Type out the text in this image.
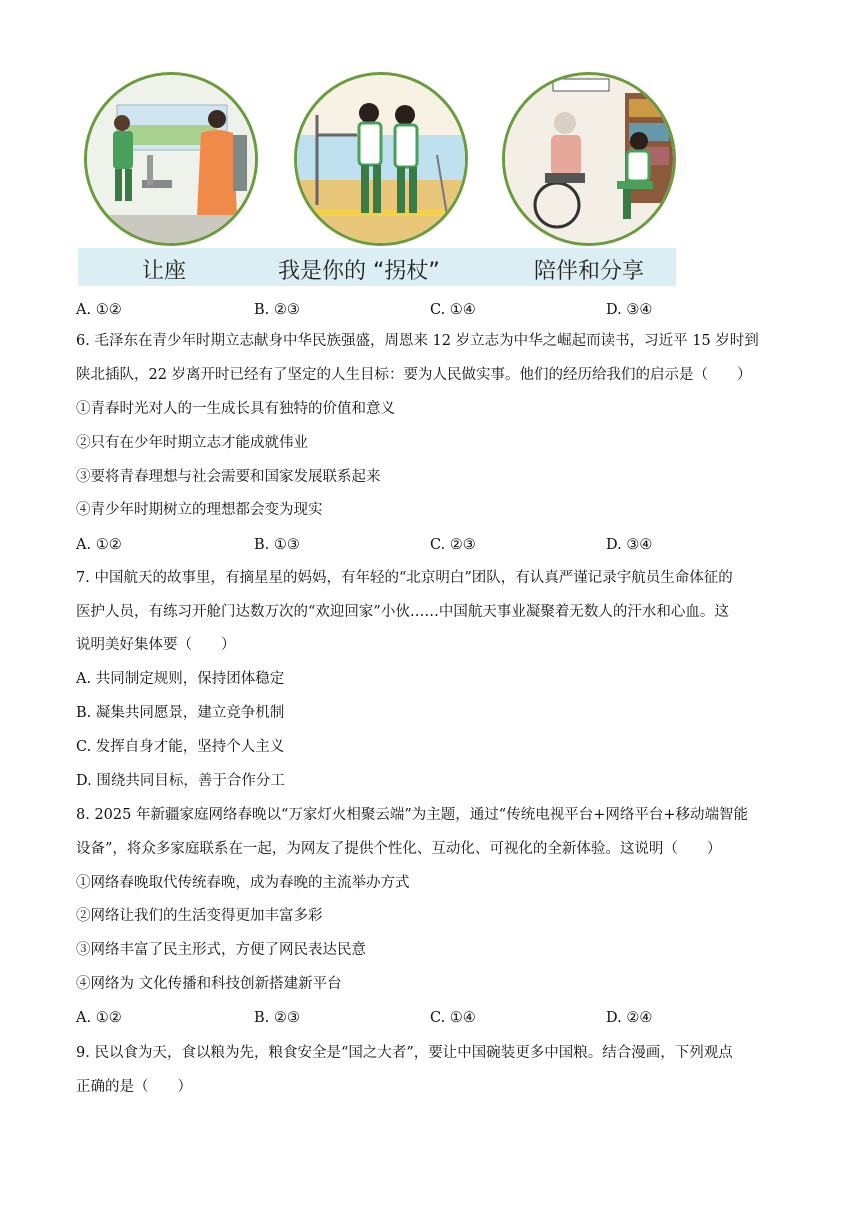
让座	我是你的 “拐杖”	陪伴和分享
A. ①②	B. ②③	C. ①④	D. ③④
6. 毛泽东在青少年时期立志献身中华民族强盛，周恩来 12 岁立志为中华之崛起而读书，习近平 15 岁时到
陕北插队，22 岁离开时已经有了坚定的人生目标：要为人民做实事。他们的经历给我们的启示是（　　）
①青春时光对人的一生成长具有独特的价值和意义
②只有在少年时期立志才能成就伟业
③要将青春理想与社会需要和国家发展联系起来
④青少年时期树立的理想都会变为现实
A. ①②	B. ①③	C. ②③	D. ③④
7. 中国航天的故事里，有摘星星的妈妈，有年轻的“北京明白”团队，有认真严谨记录宇航员生命体征的
医护人员，有练习开舱门达数万次的“欢迎回家”小伙……中国航天事业凝聚着无数人的汗水和心血。这
说明美好集体要（　　）
A. 共同制定规则，保持团体稳定
B. 凝集共同愿景，建立竞争机制
C. 发挥自身才能，坚持个人主义
D. 围绕共同目标，善于合作分工
8. 2025 年新疆家庭网络春晚以“万家灯火相聚云端”为主题，通过“传统电视平台+网络平台+移动端智能
设备”，将众多家庭联系在一起，为网友了提供个性化、互动化、可视化的全新体验。这说明（　　）
①网络春晚取代传统春晚，成为春晚的主流举办方式
②网络让我们的生活变得更加丰富多彩
③网络丰富了民主形式，方便了网民表达民意
④网络为 文化传播和科技创新搭建新平台
A. ①②	B. ②③	C. ①④	D. ②④
9. 民以食为天，食以粮为先，粮食安全是“国之大者”，要让中国碗装更多中国粮。结合漫画，下列观点
正确的是（　　）
